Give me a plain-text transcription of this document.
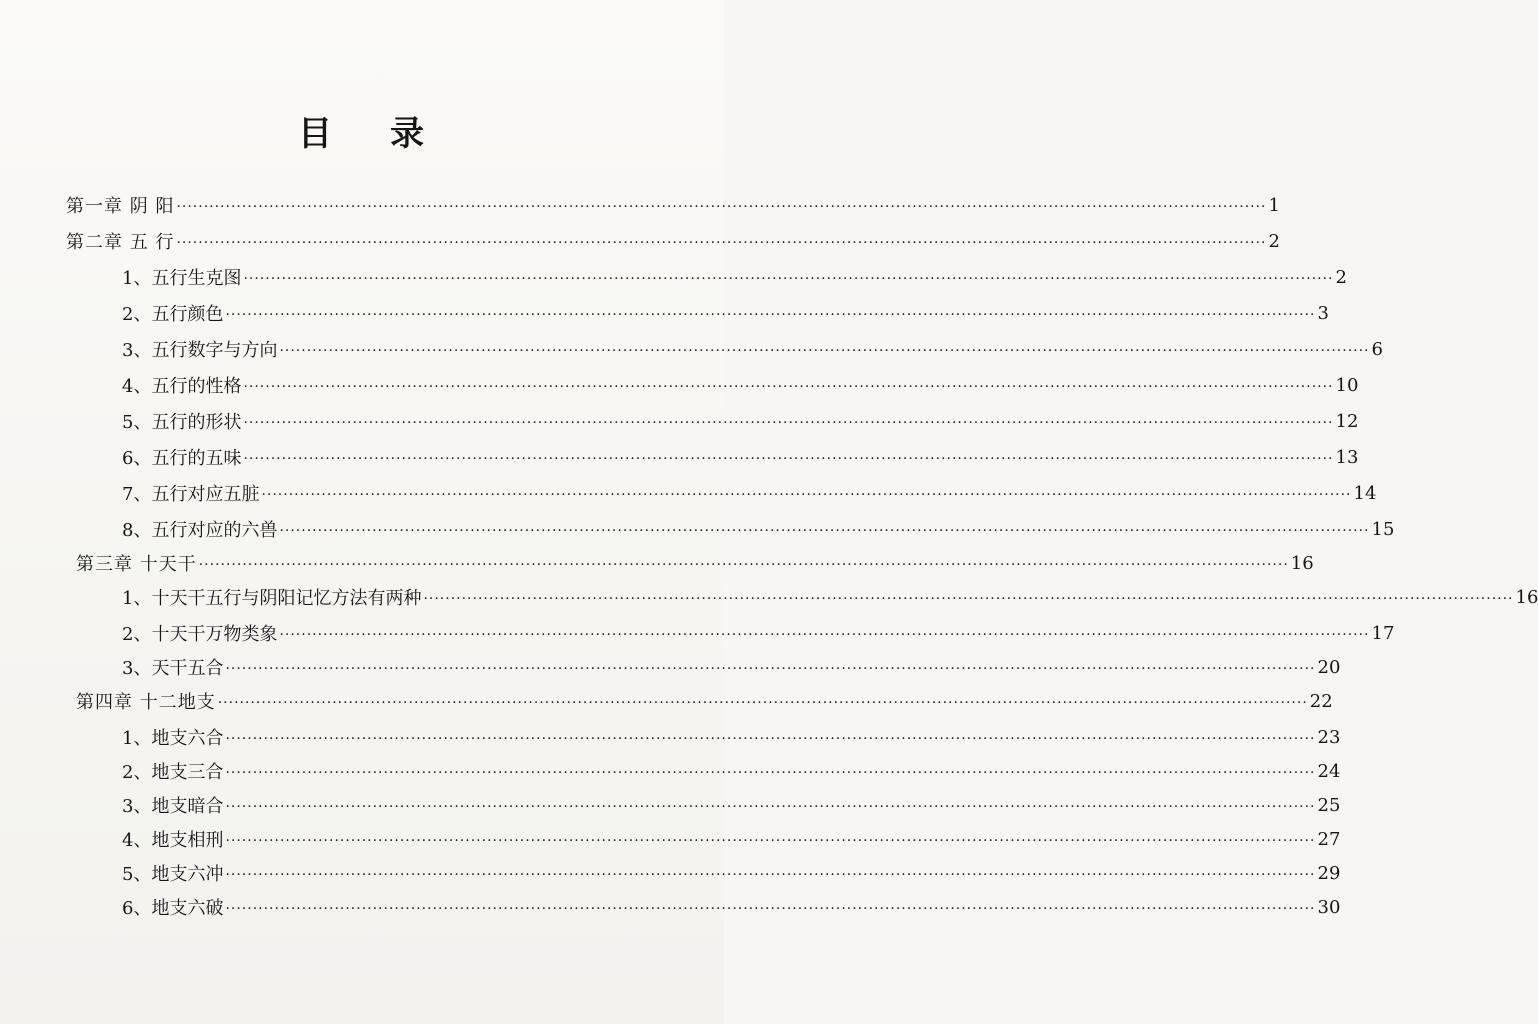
目 录
第一章 阴 阳 ········································································································································································································ 1
第二章 五 行 ········································································································································································································ 2
1、五行生克图 ········································································································································································································ 2
2、五行颜色 ········································································································································································································ 3
3、五行数字与方向 ········································································································································································································ 6
4、五行的性格 ········································································································································································································ 10
5、五行的形状 ········································································································································································································ 12
6、五行的五味 ········································································································································································································ 13
7、五行对应五脏 ········································································································································································································ 14
8、五行对应的六兽 ········································································································································································································ 15
第三章 十天干 ········································································································································································································ 16
1、十天干五行与阴阳记忆方法有两种 ········································································································································································································ 16
2、十天干万物类象 ········································································································································································································ 17
3、天干五合 ········································································································································································································ 20
第四章 十二地支 ········································································································································································································ 22
1、地支六合 ········································································································································································································ 23
2、地支三合 ········································································································································································································ 24
3、地支暗合 ········································································································································································································ 25
4、地支相刑 ········································································································································································································ 27
5、地支六冲 ········································································································································································································ 29
6、地支六破 ········································································································································································································ 30
